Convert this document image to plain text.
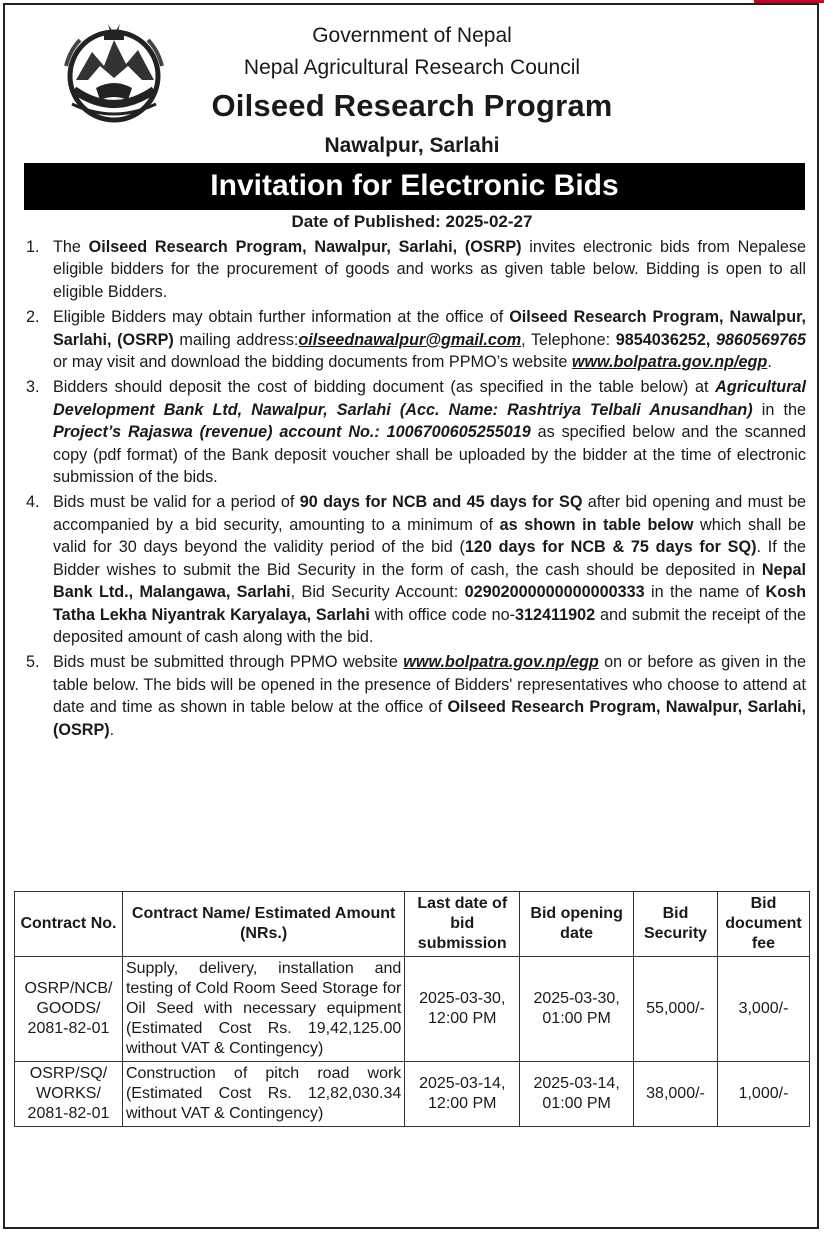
Government of Nepal
Nepal Agricultural Research Council
Oilseed Research Program
Nawalpur, Sarlahi
Invitation for Electronic Bids
Date of Published: 2025-02-27
1. The Oilseed Research Program, Nawalpur, Sarlahi, (OSRP) invites electronic bids from Nepalese eligible bidders for the procurement of goods and works as given table below. Bidding is open to all eligible Bidders.
2. Eligible Bidders may obtain further information at the office of Oilseed Research Program, Nawalpur, Sarlahi, (OSRP) mailing address:oilseednawalpur@gmail.com, Telephone: 9854036252, 9860569765 or may visit and download the bidding documents from PPMO’s website www.bolpatra.gov.np/egp.
3. Bidders should deposit the cost of bidding document (as specified in the table below) at Agricultural Development Bank Ltd, Nawalpur, Sarlahi (Acc. Name: Rashtriya Telbali Anusandhan) in the Project’s Rajaswa (revenue) account No.: 1006700605255019 as specified below and the scanned copy (pdf format) of the Bank deposit voucher shall be uploaded by the bidder at the time of electronic submission of the bids.
4. Bids must be valid for a period of 90 days for NCB and 45 days for SQ after bid opening and must be accompanied by a bid security, amounting to a minimum of as shown in table below which shall be valid for 30 days beyond the validity period of the bid (120 days for NCB & 75 days for SQ). If the Bidder wishes to submit the Bid Security in the form of cash, the cash should be deposited in Nepal Bank Ltd., Malangawa, Sarlahi, Bid Security Account: 02902000000000000333 in the name of Kosh Tatha Lekha Niyantrak Karyalaya, Sarlahi with office code no-312411902 and submit the receipt of the deposited amount of cash along with the bid.
5. Bids must be submitted through PPMO website www.bolpatra.gov.np/egp on or before as given in the table below. The bids will be opened in the presence of Bidders' representatives who choose to attend at date and time as shown in table below at the office of Oilseed Research Program, Nawalpur, Sarlahi, (OSRP).
Contract No.	Contract Name/ Estimated Amount (NRs.)	Last date of bid submission	Bid opening date	Bid Security	Bid document fee
OSRP/NCB/ GOODS/ 2081-82-01	Supply, delivery, installation and testing of Cold Room Seed Storage for Oil Seed with necessary equipment (Estimated Cost Rs. 19,42,125.00 without VAT & Contingency)	2025-03-30, 12:00 PM	2025-03-30, 01:00 PM	55,000/-	3,000/-
OSRP/SQ/ WORKS/ 2081-82-01	Construction of pitch road work (Estimated Cost Rs. 12,82,030.34 without VAT & Contingency)	2025-03-14, 12:00 PM	2025-03-14, 01:00 PM	38,000/-	1,000/-
